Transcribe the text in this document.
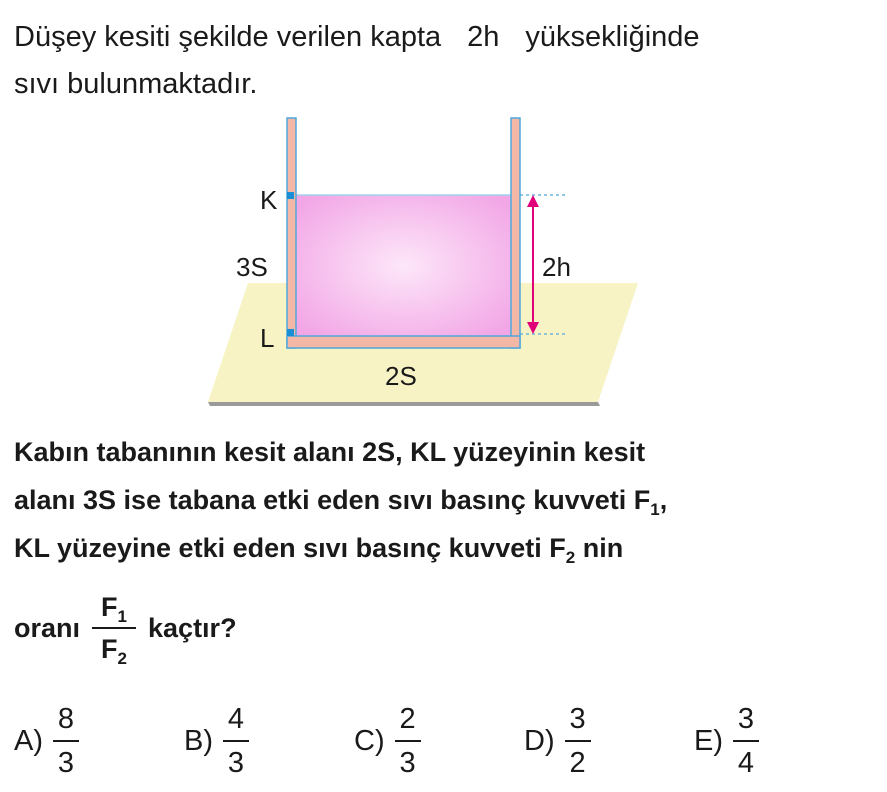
Düşey kesiti şekilde verilen kapta 2h yüksekliğinde
sıvı bulunmaktadır.
K
3S
L
2h
2S
Kabın tabanının kesit alanı 2S, KL yüzeyinin kesit
alanı 3S ise tabana etki eden sıvı basınç kuvveti $F_1$,
KL yüzeyine etki eden sıvı basınç kuvveti $F_2$ nin
oranı $\frac{F_1}{F_2}$ kaçtır?
A)
8
3
B)
4
3
C)
2
3
D)
3
2
E)
3
4
